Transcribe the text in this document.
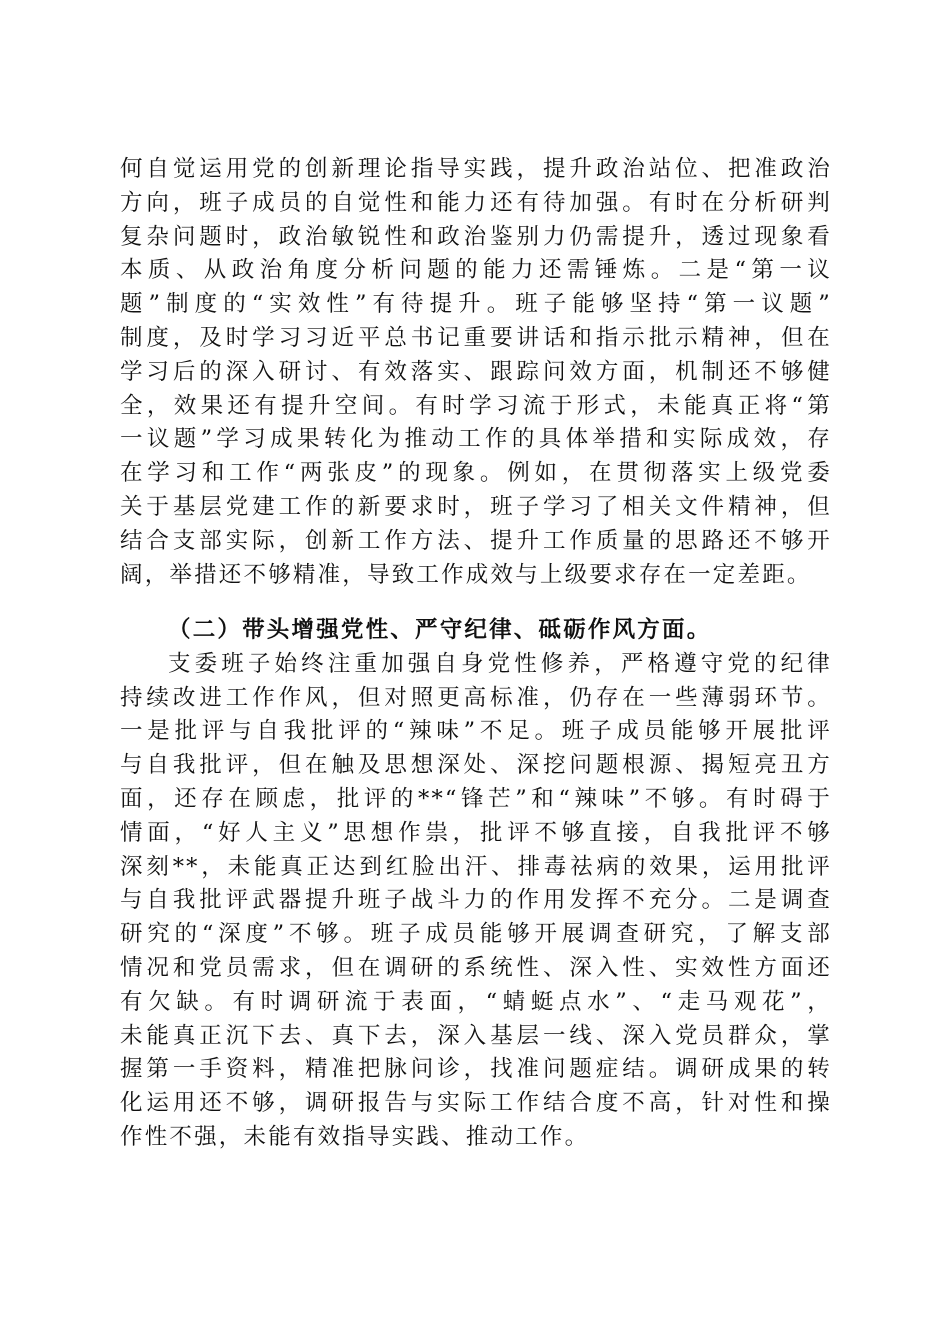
何自觉运用党的创新理论指导实践，提升政治站位、把准政治
方向，班子成员的自觉性和能力还有待加强。有时在分析研判
复杂问题时，政治敏锐性和政治鉴别力仍需提升，透过现象看
本质、从政治角度分析问题的能力还需锤炼。二是“第一议
题”制度的“实效性”有待提升。班子能够坚持“第一议题”
制度，及时学习习近平总书记重要讲话和指示批示精神，但在
学习后的深入研讨、有效落实、跟踪问效方面，机制还不够健
全，效果还有提升空间。有时学习流于形式，未能真正将“第
一议题”学习成果转化为推动工作的具体举措和实际成效，存
在学习和工作“两张皮”的现象。例如，在贯彻落实上级党委
关于基层党建工作的新要求时，班子学习了相关文件精神，但
结合支部实际，创新工作方法、提升工作质量的思路还不够开
阔，举措还不够精准，导致工作成效与上级要求存在一定差距。
（二）带头增强党性、严守纪律、砥砺作风方面。
支委班子始终注重加强自身党性修养，严格遵守党的纪律
持续改进工作作风，但对照更高标准，仍存在一些薄弱环节。
一是批评与自我批评的“辣味”不足。班子成员能够开展批评
与自我批评，但在触及思想深处、深挖问题根源、揭短亮丑方
面，还存在顾虑，批评的**“锋芒”和“辣味”不够。有时碍于
情面，“好人主义”思想作祟，批评不够直接，自我批评不够
深刻**，未能真正达到红脸出汗、排毒祛病的效果，运用批评
与自我批评武器提升班子战斗力的作用发挥不充分。二是调查
研究的“深度”不够。班子成员能够开展调查研究，了解支部
情况和党员需求，但在调研的系统性、深入性、实效性方面还
有欠缺。有时调研流于表面，“蜻蜓点水”、“走马观花”，
未能真正沉下去、真下去，深入基层一线、深入党员群众，掌
握第一手资料，精准把脉问诊，找准问题症结。调研成果的转
化运用还不够，调研报告与实际工作结合度不高，针对性和操
作性不强，未能有效指导实践、推动工作。
